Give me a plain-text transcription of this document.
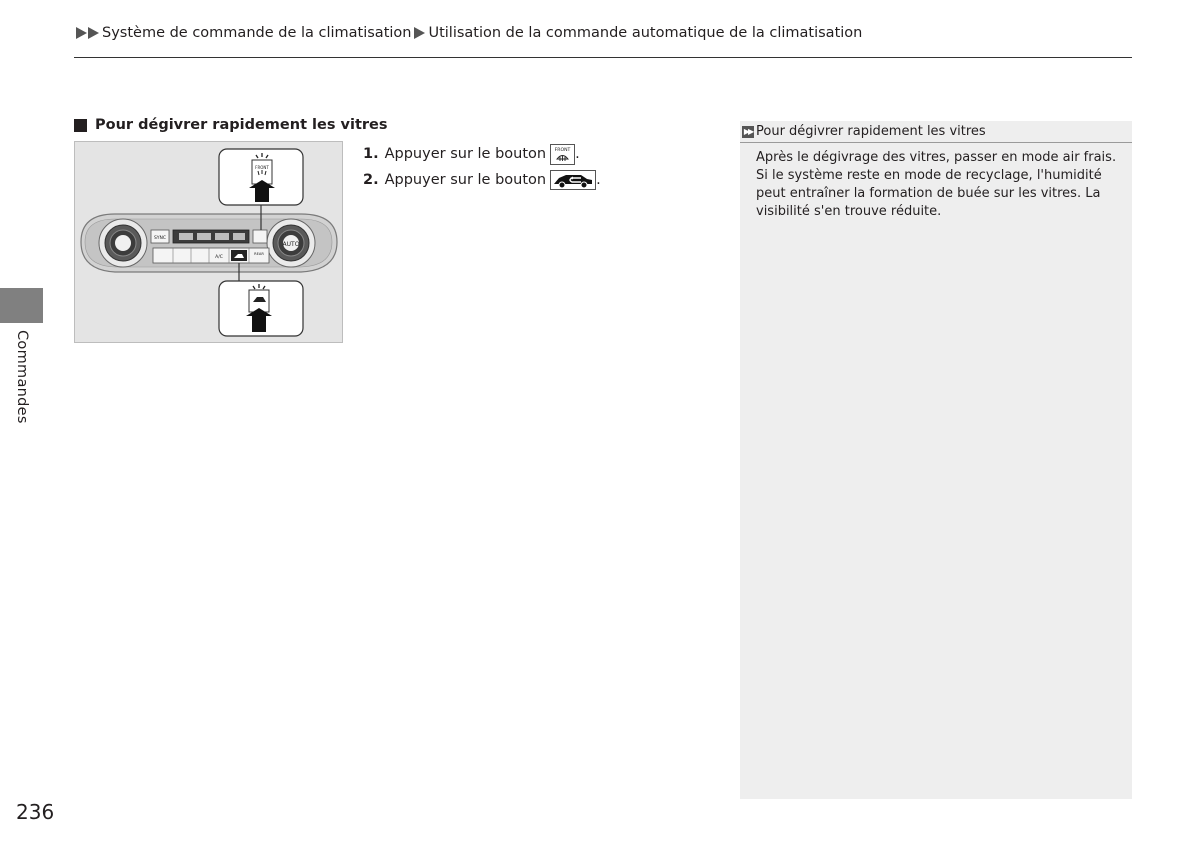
Système de commande de la climatisation Utilisation de la commande automatique de la climatisation
Commandes
Pour dégivrer rapidement les vitres
AUTO
SYNC
A/C
REAR
FRONT
1. Appuyer sur le bouton FRONT .
2. Appuyer sur le bouton	.
▶▶ Pour dégivrer rapidement les vitres
Après le dégivrage des vitres, passer en mode air frais. Si le système reste en mode de recyclage, l'humidité peut entraîner la formation de buée sur les vitres. La visibilité s'en trouve réduite.
236
